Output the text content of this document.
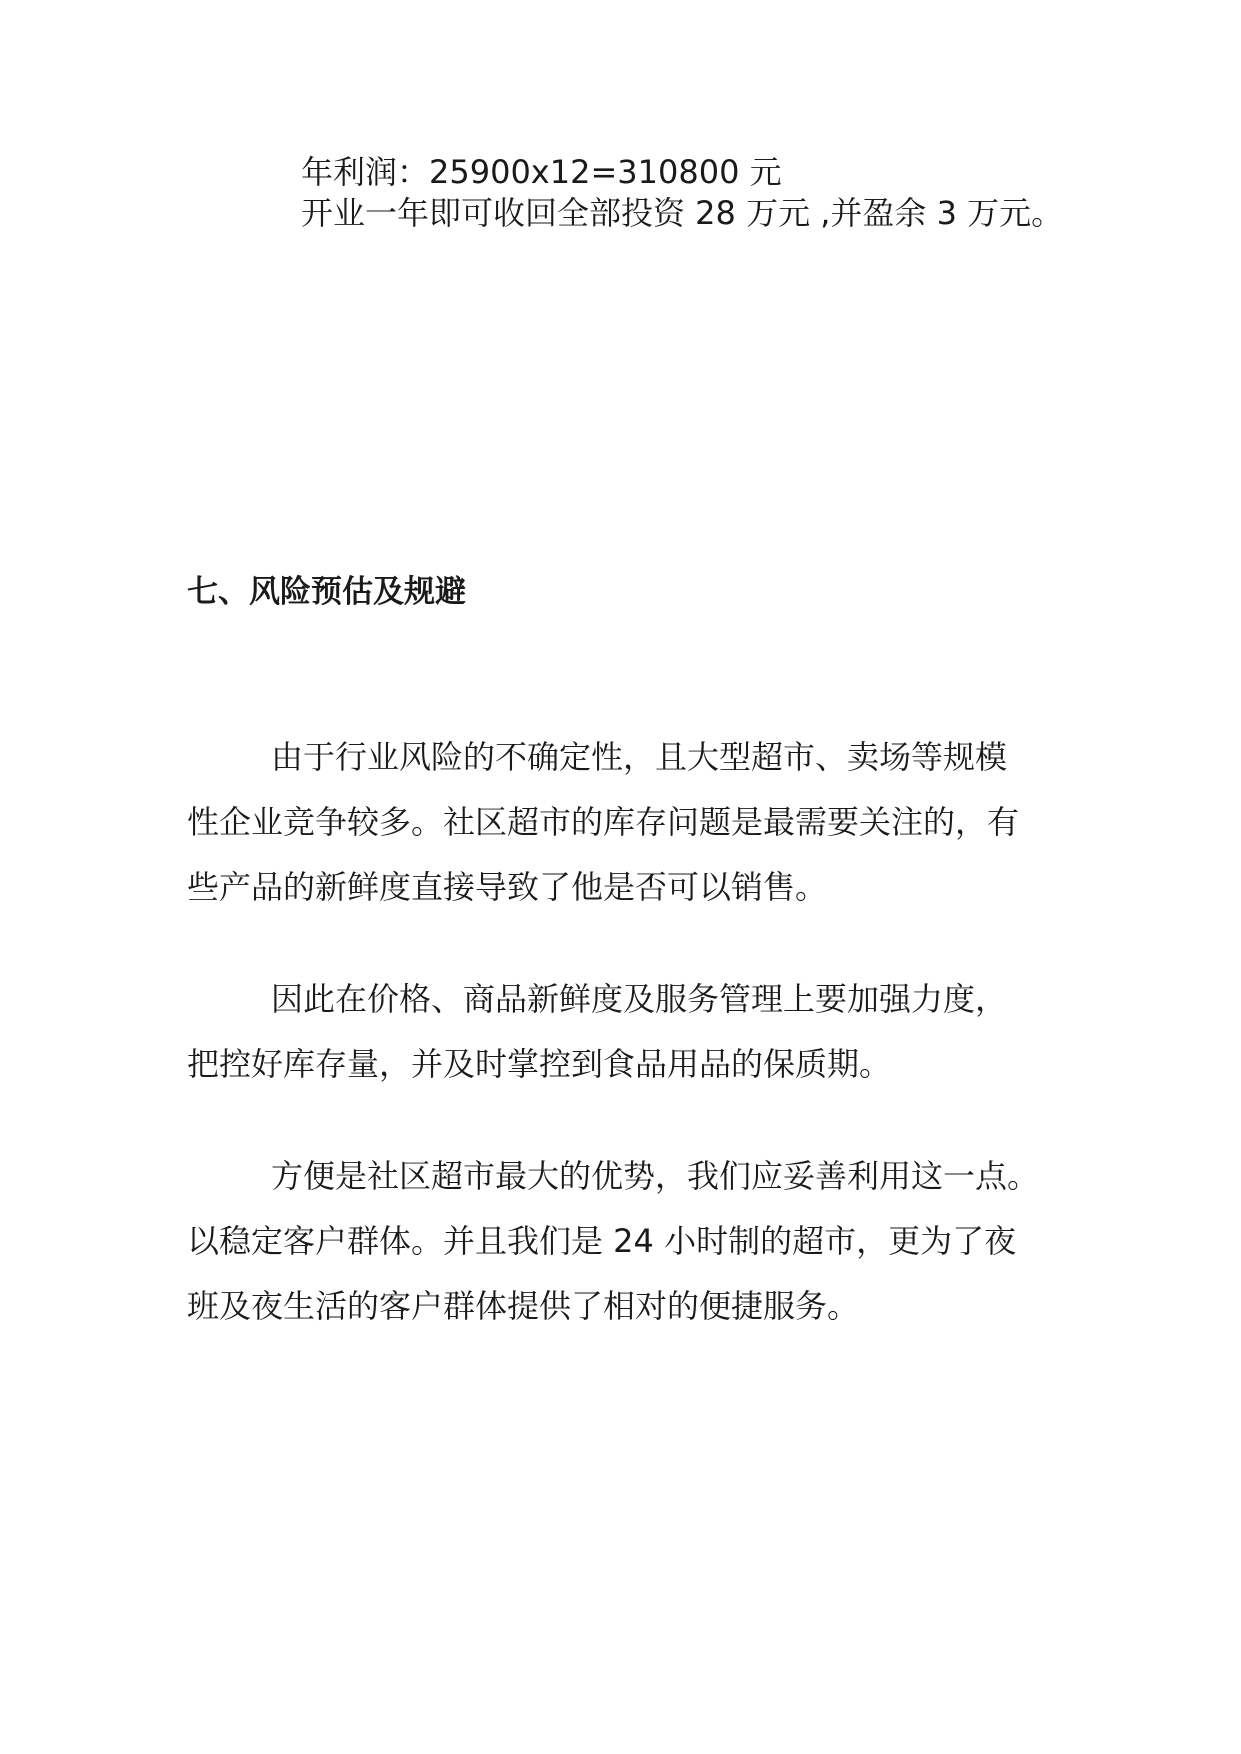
年利润：25900x12=310800 元
开业一年即可收回全部投资 28 万元 ,并盈余 3 万元。
七、风险预估及规避
由于行业风险的不确定性，且大型超市、卖场等规模
性企业竞争较多。社区超市的库存问题是最需要关注的，有
些产品的新鲜度直接导致了他是否可以销售。
因此在价格、商品新鲜度及服务管理上要加强力度，
把控好库存量，并及时掌控到食品用品的保质期。
方便是社区超市最大的优势，我们应妥善利用这一点。
以稳定客户群体。并且我们是 24 小时制的超市，更为了夜
班及夜生活的客户群体提供了相对的便捷服务。
